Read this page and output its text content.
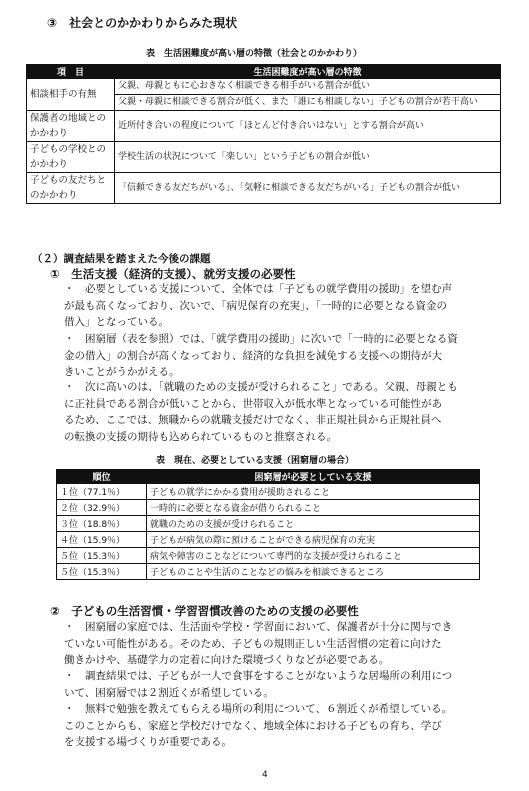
③　社会とのかかわりからみた現状
表　生活困難度が高い層の特徴（社会とのかかわり）
項　目	生活困難度が高い層の特徴
相談相手の有無	父親、母親ともに心おきなく相談できる相手がいる割合が低い
	父親・母親に相談できる割合が低く、また「誰にも相談しない」子どもの割合が若干高い
保護者の地域とのかかわり	近所付き合いの程度について「ほとんど付き合いはない」とする割合が高い
子どもの学校とのかかわり	学校生活の状況について「楽しい」という子どもの割合が低い
子どもの友だちとのかかわり	「信頼できる友だちがいる」、「気軽に相談できる友だちがいる」子どもの割合が低い
（２）調査結果を踏まえた今後の課題
①　生活支援（経済的支援）、就労支援の必要性
・　必要としている支援について、全体では「子どもの就学費用の援助」を望む声
が最も高くなっており、次いで、「病児保育の充実」、「一時的に必要となる資金の
借入」となっている。
・　困窮層（表を参照）では、「就学費用の援助」に次いで「一時的に必要となる資
金の借入」の割合が高くなっており、経済的な負担を減免する支援への期待が大
きいことがうかがえる。
・　次に高いのは、「就職のための支援が受けられること」である。父親、母親とも
に正社員である割合が低いことから、世帯収入が低水準となっている可能性があ
るため、ここでは、無職からの就職支援だけでなく、非正規社員から正規社員へ
の転換の支援の期待も込められているものと推察される。
表　現在、必要としている支援（困窮層の場合）
順位	困窮層が必要としている支援
１位（77.1％）	子どもの就学にかかる費用が援助されること
２位（32.9％）	一時的に必要となる資金が借りられること
３位（18.8％）	就職のための支援が受けられること
４位（15.9％）	子どもが病気の際に預けることができる病児保育の充実
５位（15.3％）	病気や障害のことなどについて専門的な支援が受けられること
５位（15.3％）	子どものことや生活のことなどの悩みを相談できるところ
②　子どもの生活習慣・学習習慣改善のための支援の必要性
・　困窮層の家庭では、生活面や学校・学習面において、保護者が十分に関与でき
ていない可能性がある。そのため、子どもの規則正しい生活習慣の定着に向けた
働きかけや、基礎学力の定着に向けた環境づくりなどが必要である。
・　調査結果では、子どもが一人で食事をすることがないような居場所の利用につ
いて、困窮層では２割近くが希望している。
・　無料で勉強を教えてもらえる場所の利用について、６割近くが希望している。
このことからも、家庭と学校だけでなく、地域全体における子どもの育ち、学び
を支援する場づくりが重要である。
4
